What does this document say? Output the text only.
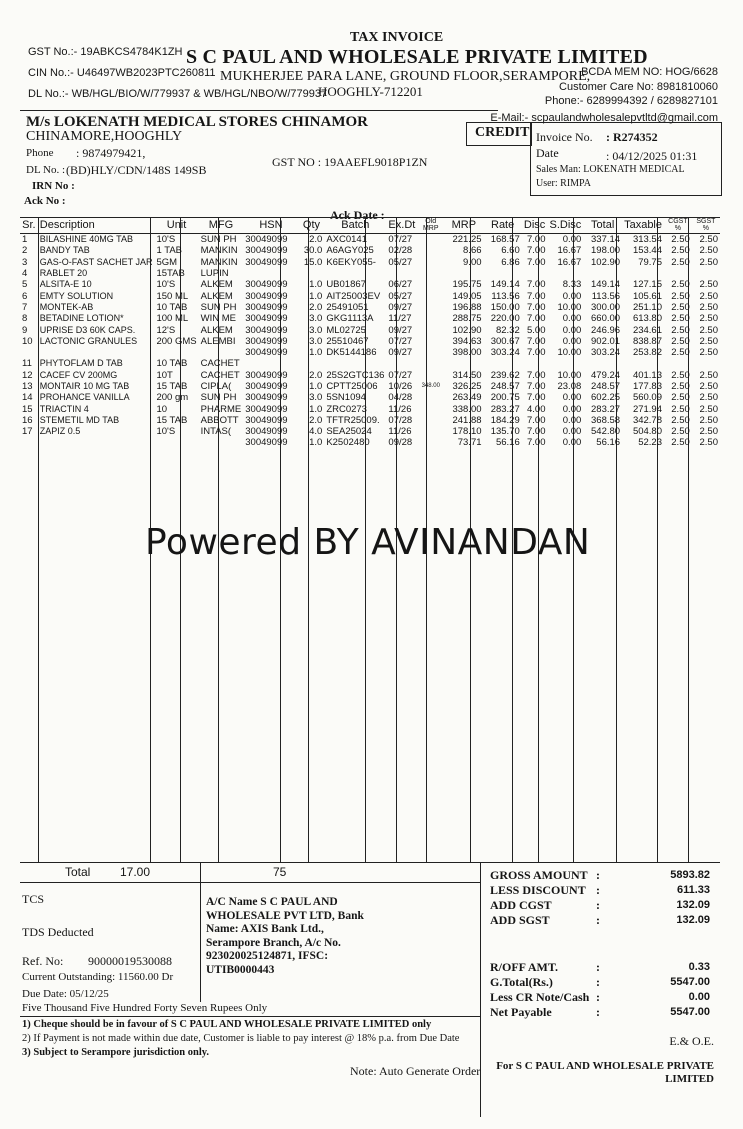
TAX INVOICE
GST No.:- 19ABKCS4784K1ZH S C PAUL AND WHOLESALE PRIVATE LIMITED
CIN No.:- U46497WB2023PTC260811 MUKHERJEE PARA LANE, GROUND FLOOR,SERAMPORE,
HOOGHLY-712201
DL No.:- WB/HGL/BIO/W/779937 & WB/HGL/NBO/W/779937
BCDA MEM NO: HOG/6628
Customer Care No: 8981810060
Phone:- 6289994392 / 6289827101
E-Mail:- scpaulandwholesalepvtltd@gmail.com
M/s LOKENATH MEDICAL STORES CHINAMOR
CHINAMORE,HOOGHLY
Phone : 9874979421,
DL No. : (BD)HLY/CDN/148S 149SB
GST NO : 19AAEFL9018P1ZN
IRN No :
Ack No :
Ack Date :
CREDIT Invoice No. : R274352
Date	: 04/12/2025 01:31
Sales Man: LOKENATH MEDICAL
User: RIMPA
Sr.	Description	Unit	MFG	HSN	Qty	Batch	Ex.Dt	Old MRP	MRP	Rate	Disc	S.Disc	Total	Taxable	CGST %	SGST %
1	BILASHINE 40MG TAB	10'S	SUN PH	30049099	2.0	AXC0141	07/27		221.25	168.57	7.00	0.00	337.14	313.54	2.50	2.50
2	BANDY TAB	1 TAB	MANKIN	30049099	30.0	A6AGY025	02/28		8.66	6.60	7.00	16.67	198.00	153.44	2.50	2.50
3	GAS-O-FAST SACHET JAR	5GM	MANKIN	30049099	15.0	K6EKY055-	05/27		9.00	6.86	7.00	16.67	102.90	79.75	2.50	2.50
4	RABLET 20	15TAB	LUPIN													
5	ALSITA-E 10	10'S	ALKEM	30049099	1.0	UB01867	06/27		195.75	149.14	7.00	8.33	149.14	127.15	2.50	2.50
6	EMTY SOLUTION	150 ML	ALKEM	30049099	1.0	AIT25003EV	05/27		149.05	113.56	7.00	0.00	113.56	105.61	2.50	2.50
7	MONTEK-AB	10 TAB	SUN PH	30049099	2.0	25491051	09/27		196.88	150.00	7.00	10.00	300.00	251.10	2.50	2.50
8	BETADINE LOTION*	100 ML	WIN ME	30049099	3.0	GKG1113A	11/27		288.75	220.00	7.00	0.00	660.00	613.80	2.50	2.50
9	UPRISE D3 60K CAPS.	12'S	ALKEM	30049099	3.0	ML02725	09/27		102.90	82.32	5.00	0.00	246.96	234.61	2.50	2.50
10	LACTONIC GRANULES	200 GMS	ALEMBI	30049099	3.0	25510467	07/27		394.63	300.67	7.00	0.00	902.01	838.87	2.50	2.50
				30049099	1.0	DK5144186	09/27		398.00	303.24	7.00	10.00	303.24	253.82	2.50	2.50
11	PHYTOFLAM D TAB	10 TAB	CACHET													
12	CACEF CV 200MG	10T	CACHET	30049099	2.0	25S2GTC136	07/27		314.50	239.62	7.00	10.00	479.24	401.13	2.50	2.50
13	MONTAIR 10 MG TAB	15 TAB	CIPLA(	30049099	1.0	CPTT25006	10/26	348.00	326.25	248.57	7.00	23.08	248.57	177.83	2.50	2.50
14	PROHANCE VANILLA	200 gm	SUN PH	30049099	3.0	5SN1094	04/28		263.49	200.75	7.00	0.00	602.25	560.09	2.50	2.50
15	TRIACTIN 4	10	PHARME	30049099	1.0	ZRC0273	11/26		338.00	283.27	4.00	0.00	283.27	271.94	2.50	2.50
16	STEMETIL MD TAB	15 TAB	ABBOTT	30049099	2.0	TFTR25009.	07/28		241.88	184.29	7.00	0.00	368.58	342.78	2.50	2.50
17	ZAPIZ 0.5	10'S	INTAS(	30049099	4.0	SEA25024	11/26		178.10	135.70	7.00	0.00	542.80	504.80	2.50	2.50
				30049099	1.0	K2502480	09/28		73.71	56.16	7.00	0.00	56.16	52.23	2.50	2.50
Powered BY AVINANDAN
Total 17.00	75
TCS
TDS Deducted
A/C Name S C PAUL AND WHOLESALE PVT LTD, Bank Name: AXIS Bank Ltd., Serampore Branch, A/c No. 923020025124871, IFSC: UTIB0000443
Ref. No: 90000019530088
Current Outstanding: 11560.00 Dr
Due Date: 05/12/25
Five Thousand Five Hundred Forty Seven Rupees Only
GROSS AMOUNT :	5893.82
LESS DISCOUNT :	611.33
ADD CGST	:	132.09
ADD SGST	:	132.09
R/OFF AMT.	:	0.33
G.Total(Rs.)	:	5547.00
Less CR Note/Cash :	0.00
Net Payable	:	5547.00
1) Cheque should be in favour of S C PAUL AND WHOLESALE PRIVATE LIMITED only
2) If Payment is not made within due date, Customer is liable to pay interest @ 18% p.a. from Due Date
3) Subject to Serampore jurisdiction only.
Note: Auto Generate Order
E.& O.E.
For S C PAUL AND WHOLESALE PRIVATE LIMITED
